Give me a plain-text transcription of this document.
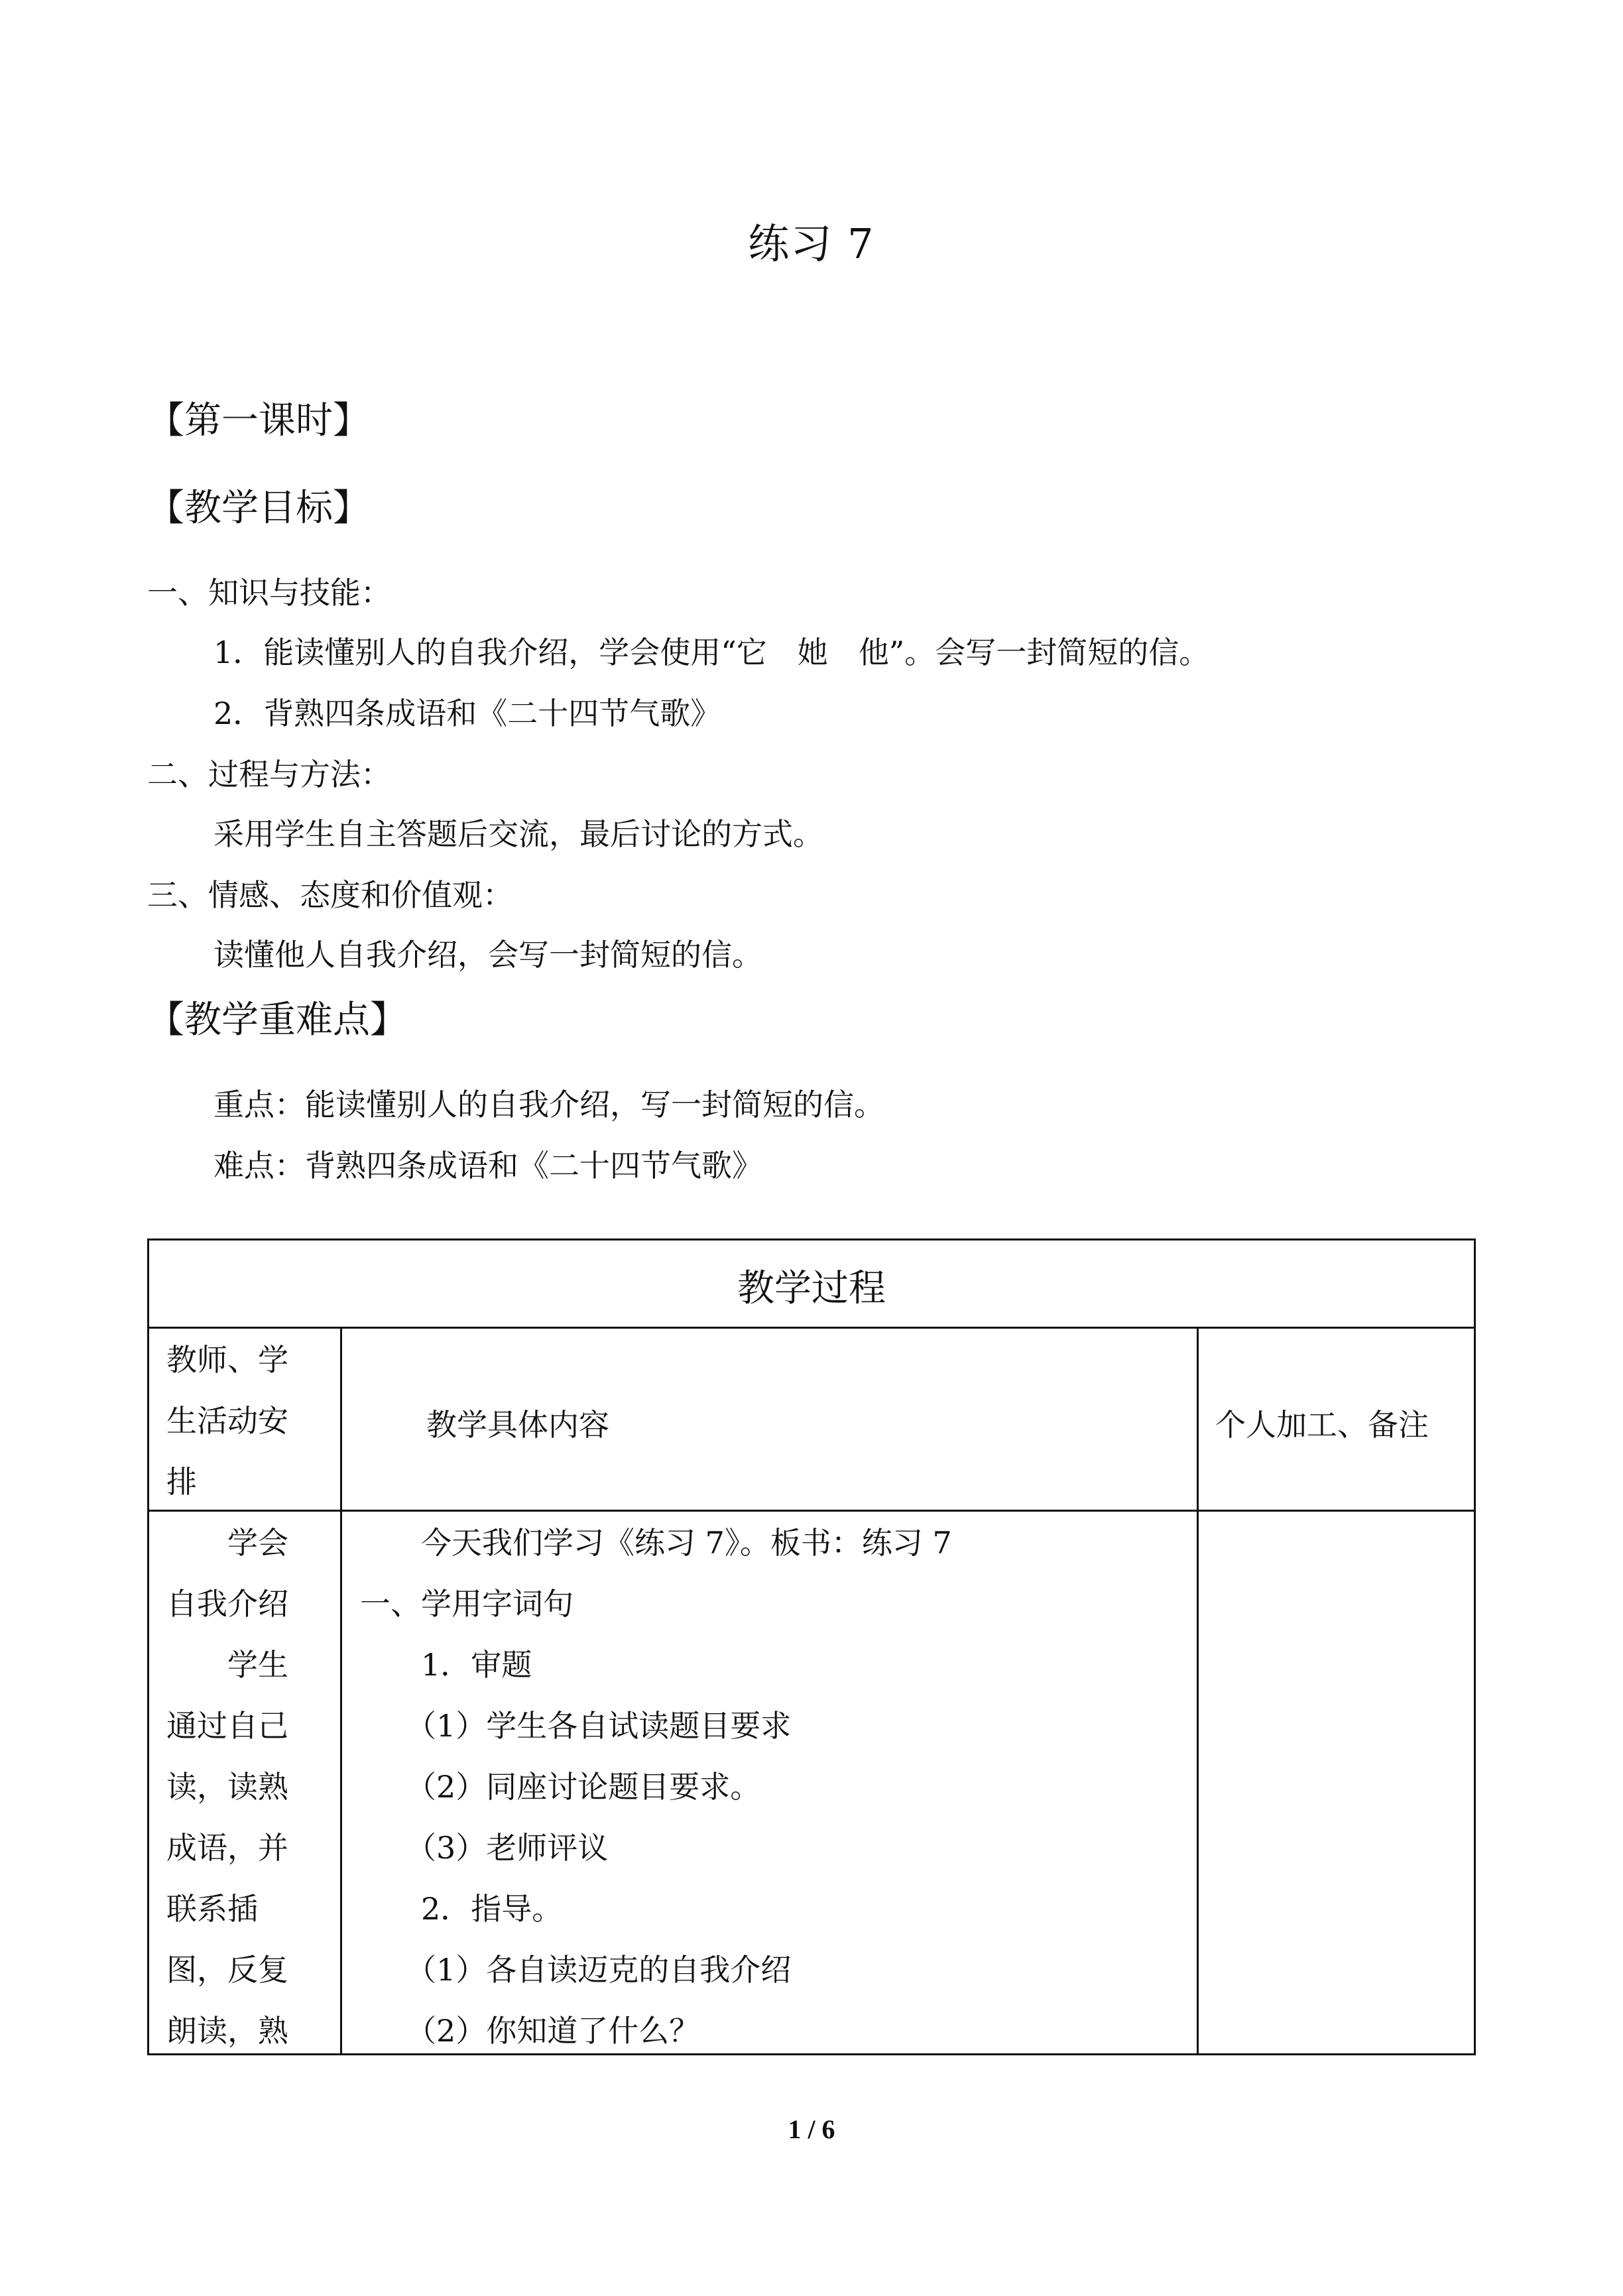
练习 7
【第一课时】
【教学目标】
一、知识与技能：
1．能读懂别人的自我介绍，学会使用“它　她　他”。会写一封简短的信。
2．背熟四条成语和《二十四节气歌》
二、过程与方法：
采用学生自主答题后交流，最后讨论的方式。
三、情感、态度和价值观：
读懂他人自我介绍，会写一封简短的信。
【教学重难点】
重点：能读懂别人的自我介绍，写一封简短的信。
难点：背熟四条成语和《二十四节气歌》
教学过程
教师、学
生活动安
排
教学具体内容	个人加工、备注
　　学会
自我介绍
　　学生
通过自己
读，读熟
成语，并
联系插
图，反复
朗读，熟
　　今天我们学习《练习 7》。板书：练习 7
一、学用字词句
　　1．审题
　　（1）学生各自试读题目要求
　　（2）同座讨论题目要求。
　　（3）老师评议
　　2．指导。
　　（1）各自读迈克的自我介绍
　　（2）你知道了什么？
1 / 6
